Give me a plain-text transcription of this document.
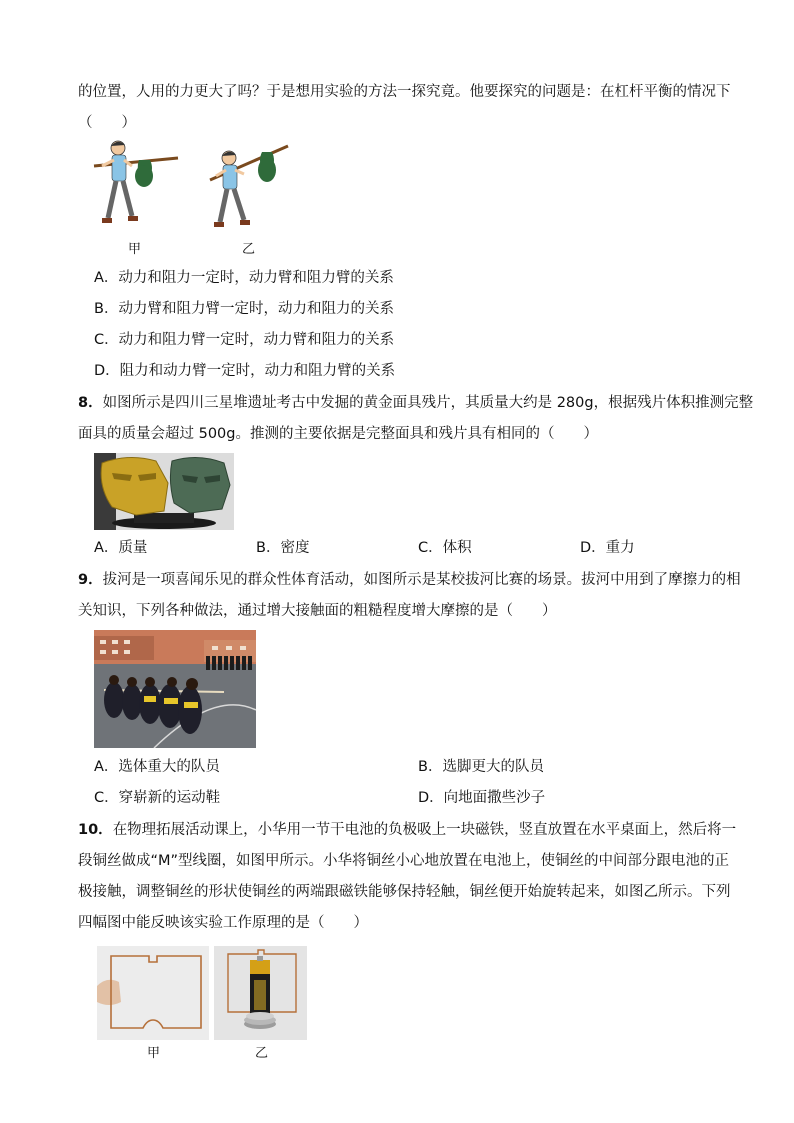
的位置，人用的力更大了吗？于是想用实验的方法一探究竟。他要探究的问题是：在杠杆平衡的情况下
（　　）
甲	乙
A．动力和阻力一定时，动力臂和阻力臂的关系
B．动力臂和阻力臂一定时，动力和阻力的关系
C．动力和阻力臂一定时，动力臂和阻力的关系
D．阻力和动力臂一定时，动力和阻力臂的关系
8．如图所示是四川三星堆遗址考古中发掘的黄金面具残片，其质量大约是 280g，根据残片体积推测完整
面具的质量会超过 500g。推测的主要依据是完整面具和残片具有相同的（　　）
A．质量	B．密度	C．体积	D．重力
9．拔河是一项喜闻乐见的群众性体育活动，如图所示是某校拔河比赛的场景。拔河中用到了摩擦力的相
关知识，下列各种做法，通过增大接触面的粗糙程度增大摩擦的是（　　）
A．选体重大的队员	B．选脚更大的队员
C．穿崭新的运动鞋	D．向地面撒些沙子
10．在物理拓展活动课上，小华用一节干电池的负极吸上一块磁铁，竖直放置在水平桌面上，然后将一
段铜丝做成“M”型线圈，如图甲所示。小华将铜丝小心地放置在电池上，使铜丝的中间部分跟电池的正
极接触，调整铜丝的形状使铜丝的两端跟磁铁能够保持轻触，铜丝便开始旋转起来，如图乙所示。下列
四幅图中能反映该实验工作原理的是（　　）
甲	乙
